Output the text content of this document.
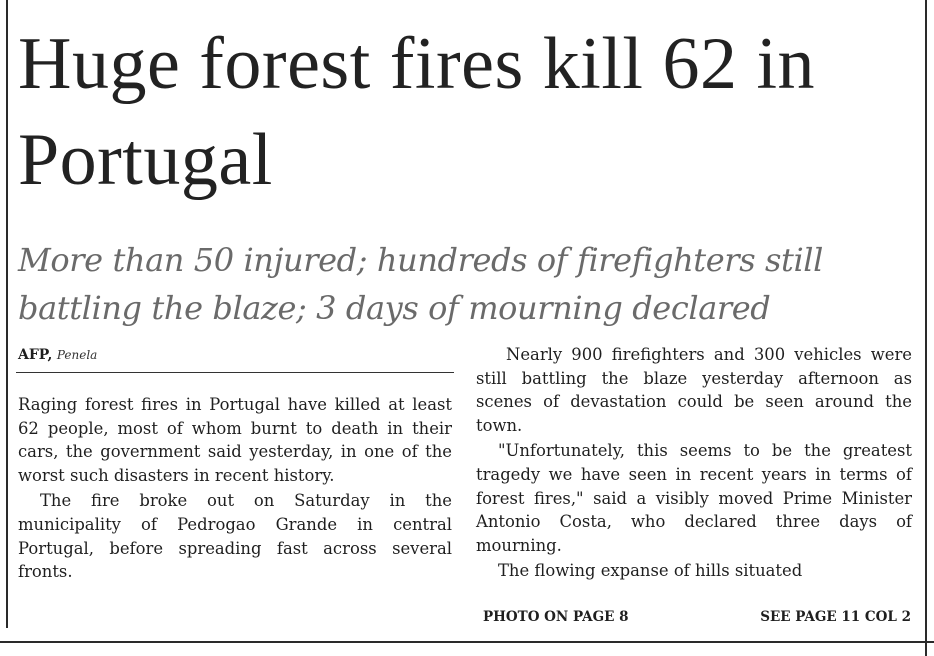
Huge forest fires kill 62 in Portugal
More than 50 injured; hundreds of firefighters still battling the blaze; 3 days of mourning declared
AFP, Penela

Raging forest fires in Portugal have killed at least 62 people, most of whom burnt to death in their cars, the government said yesterday, in one of the worst such disasters in recent history.

The fire broke out on Saturday in the municipality of Pedrogao Grande in central Portugal, before spreading fast across several fronts.

Nearly 900 firefighters and 300 vehicles were still battling the blaze yesterday afternoon as scenes of devastation could be seen around the town.

"Unfortunately, this seems to be the greatest tragedy we have seen in recent years in terms of forest fires," said a visibly moved Prime Minister Antonio Costa, who declared three days of mourning.

The flowing expanse of hills situated

PHOTO ON PAGE 8	SEE PAGE 11 COL 2
